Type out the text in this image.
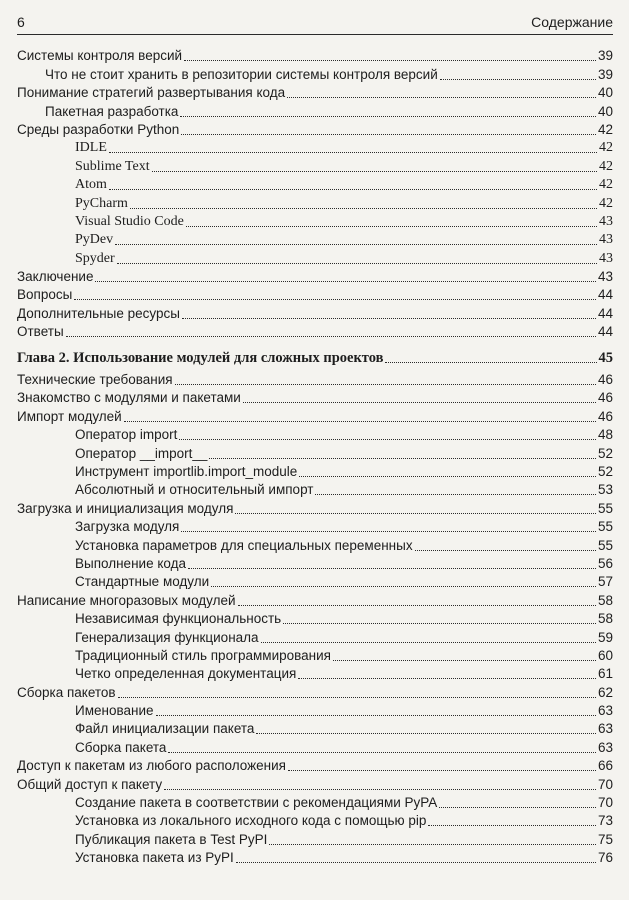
6	Содержание
Системы контроля версий	39
Что не стоит хранить в репозитории системы контроля версий	39
Понимание стратегий развертывания кода	40
Пакетная разработка	40
Среды разработки Python	42
IDLE	42
Sublime Text	42
Atom	42
PyCharm	42
Visual Studio Code	43
PyDev	43
Spyder	43
Заключение	43
Вопросы	44
Дополнительные ресурсы	44
Ответы	44
Глава 2. Использование модулей для сложных проектов	45
Технические требования	46
Знакомство с модулями и пакетами	46
Импорт модулей	46
Оператор import	48
Оператор __import__	52
Инструмент importlib.import_module	52
Абсолютный и относительный импорт	53
Загрузка и инициализация модуля	55
Загрузка модуля	55
Установка параметров для специальных переменных	55
Выполнение кода	56
Стандартные модули	57
Написание многоразовых модулей	58
Независимая функциональность	58
Генерализация функционала	59
Традиционный стиль программирования	60
Четко определенная документация	61
Сборка пакетов	62
Именование	63
Файл инициализации пакета	63
Сборка пакета	63
Доступ к пакетам из любого расположения	66
Общий доступ к пакету	70
Создание пакета в соответствии с рекомендациями PyPA	70
Установка из локального исходного кода с помощью pip	73
Публикация пакета в Test PyPI	75
Установка пакета из PyPI	76
